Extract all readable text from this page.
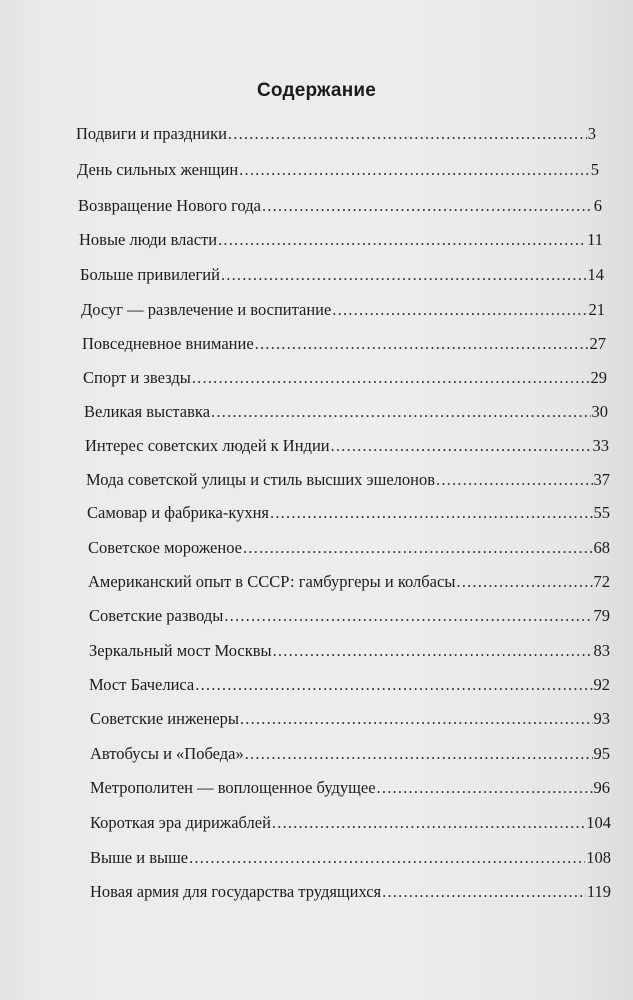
Содержание
Подвиги и праздники .....	3
День сильных женщин .....	5
Возвращение Нового года .....	6
Новые люди власти .....	11
Больше привилегий .....	14
Досуг — развлечение и воспитание .....	21
Повседневное внимание .....	27
Спорт и звезды .....	29
Великая выставка .....	30
Интерес советских людей к Индии .....	33
Мода советской улицы и стиль высших эшелонов .....	37
Самовар и фабрика-кухня .....	55
Советское мороженое .....	68
Американский опыт в СССР: гамбургеры и колбасы .....	72
Советские разводы .....	79
Зеркальный мост Москвы .....	83
Мост Бачелиса .....	92
Советские инженеры .....	93
Автобусы и «Победа» .....	95
Метрополитен — воплощенное будущее .....	96
Короткая эра дирижаблей .....	104
Выше и выше .....	108
Новая армия для государства трудящихся .....	119
